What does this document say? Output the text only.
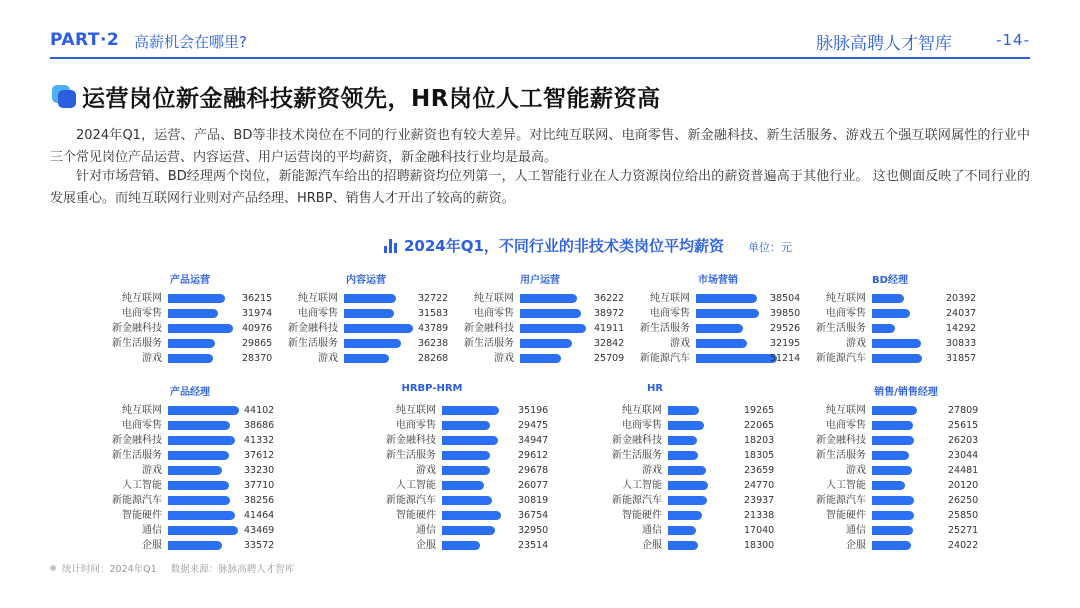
PART·2 高薪机会在哪里?	脉脉高聘人才智库	-14-
运营岗位新金融科技薪资领先，HR岗位人工智能薪资高
2024年Q1，运营、产品、BD等非技术岗位在不同的行业薪资也有较大差异。对比纯互联网、电商零售、新金融科技、新生活服务、游戏五个强互联网属性的行业中三个常见岗位产品运营、内容运营、用户运营岗的平均薪资，新金融科技行业均是最高。
针对市场营销、BD经理两个岗位，新能源汽车给出的招聘薪资均位列第一，人工智能行业在人力资源岗位给出的薪资普遍高于其他行业。 这也侧面反映了不同行业的发展重心。而纯互联网行业则对产品经理、HRBP、销售人才开出了较高的薪资。
2024年Q1，不同行业的非技术类岗位平均薪资 单位：元
产品运营
纯互联网	36215
电商零售	31974
新金融科技	40976
新生活服务	29865
游戏	28370
内容运营
纯互联网	32722
电商零售	31583
新金融科技	43789
新生活服务	36238
游戏	28268
用户运营
纯互联网	36222
电商零售	38972
新金融科技	41911
新生活服务	32842
游戏	25709
市场营销
纯互联网	38504
电商零售	39850
新生活服务	29526
游戏	32195
新能源汽车	51214
BD经理
纯互联网	20392
电商零售	24037
新生活服务	14292
游戏	30833
新能源汽车	31857
产品经理
纯互联网	44102
电商零售	38686
新金融科技	41332
新生活服务	37612
游戏	33230
人工智能	37710
新能源汽车	38256
智能硬件	41464
通信	43469
企服	33572
HRBP-HRM
纯互联网	35196
电商零售	29475
新金融科技	34947
新生活服务	29612
游戏	29678
人工智能	26077
新能源汽车	30819
智能硬件	36754
通信	32950
企服	23514
HR
纯互联网	19265
电商零售	22065
新金融科技	18203
新生活服务	18305
游戏	23659
人工智能	24770
新能源汽车	23937
智能硬件	21338
通信	17040
企服	18300
销售/销售经理
纯互联网	27809
电商零售	25615
新金融科技	26203
新生活服务	23044
游戏	24481
人工智能	20120
新能源汽车	26250
智能硬件	25850
通信	25271
企服	24022
统计时间：2024年Q1 数据来源：脉脉高聘人才智库
